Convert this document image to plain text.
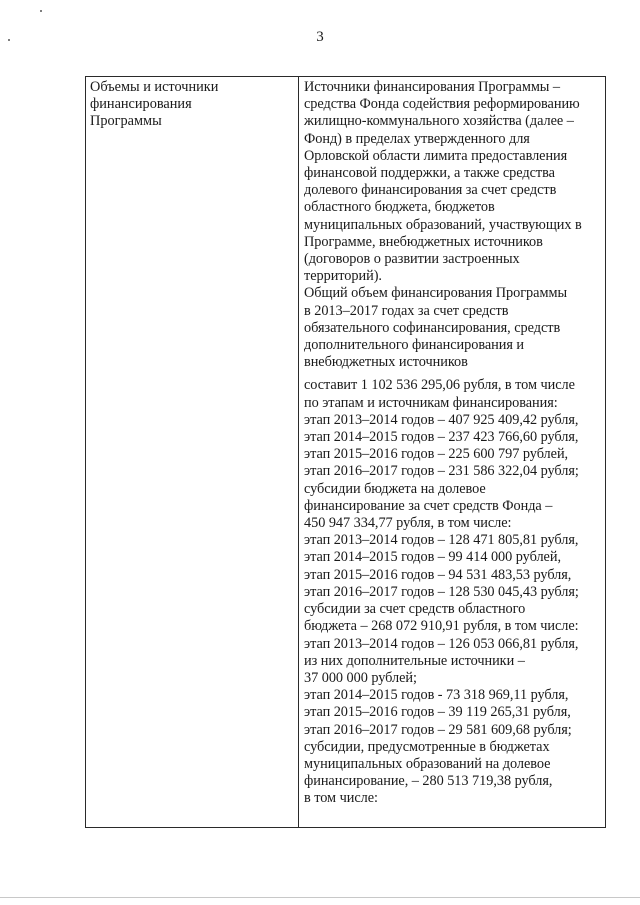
3
Объемы и источники
финансирования
Программы
Источники финансирования Программы –
средства Фонда содействия реформированию
жилищно-коммунального хозяйства (далее –
Фонд) в пределах утвержденного для
Орловской области лимита предоставления
финансовой поддержки, а также средства
долевого финансирования за счет средств
областного бюджета, бюджетов
муниципальных образований, участвующих в
Программе, внебюджетных источников
(договоров о развитии застроенных
территорий).
Общий объем финансирования Программы
в 2013–2017 годах за счет средств
обязательного софинансирования, средств
дополнительного финансирования и
внебюджетных источников
составит 1 102 536 295,06 рубля, в том числе
по этапам и источникам финансирования:
этап 2013–2014 годов – 407 925 409,42 рубля,
этап 2014–2015 годов – 237 423 766,60 рубля,
этап 2015–2016 годов – 225 600 797 рублей,
этап 2016–2017 годов – 231 586 322,04 рубля;
субсидии бюджета на долевое
финансирование за счет средств Фонда –
450 947 334,77 рубля, в том числе:
этап 2013–2014 годов – 128 471 805,81 рубля,
этап 2014–2015 годов – 99 414 000 рублей,
этап 2015–2016 годов – 94 531 483,53 рубля,
этап 2016–2017 годов – 128 530 045,43 рубля;
субсидии за счет средств областного
бюджета – 268 072 910,91 рубля, в том числе:
этап 2013–2014 годов – 126 053 066,81 рубля,
из них дополнительные источники –
37 000 000 рублей;
этап 2014–2015 годов - 73 318 969,11 рубля,
этап 2015–2016 годов – 39 119 265,31 рубля,
этап 2016–2017 годов – 29 581 609,68 рубля;
субсидии, предусмотренные в бюджетах
муниципальных образований на долевое
финансирование, – 280 513 719,38 рубля,
в том числе:
